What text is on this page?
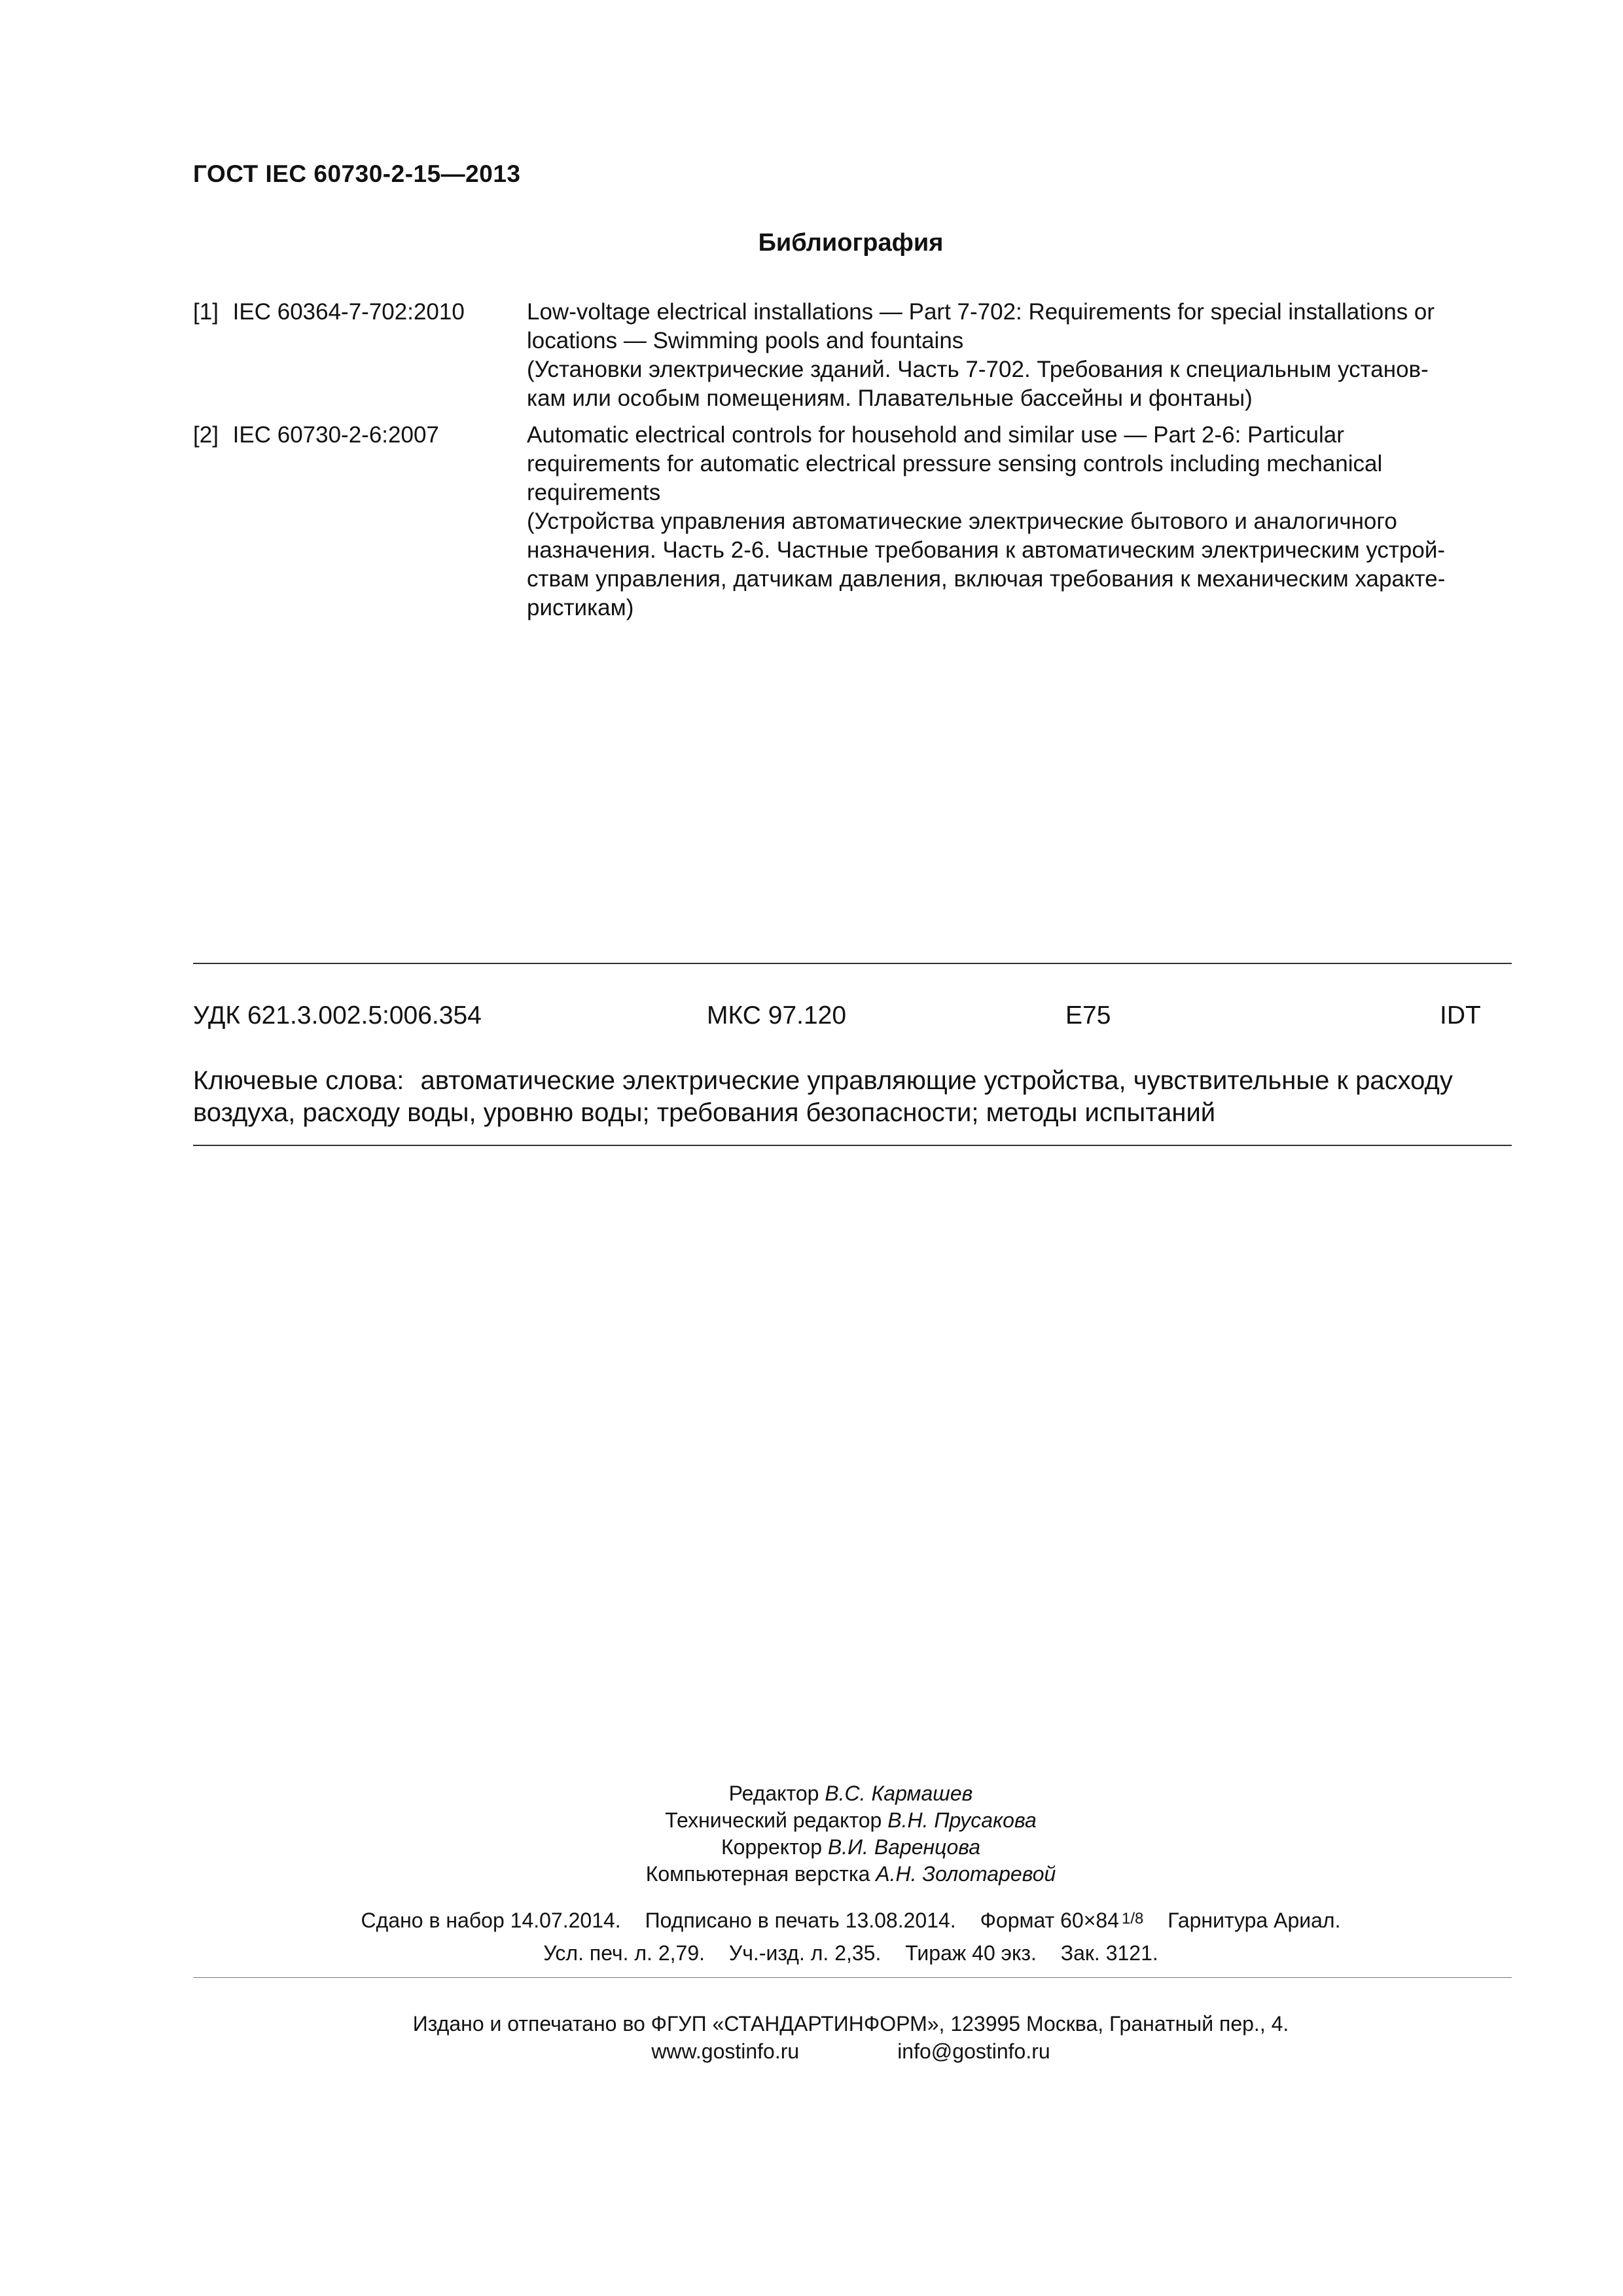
ГОСТ IEC 60730-2-15—2013
Библиография
[1] IEC 60364-7-702:2010	Low-voltage electrical installations — Part 7-702: Requirements for special installations or
locations — Swimming pools and fountains
(Установки электрические зданий. Часть 7-702. Требования к специальным установ-
кам или особым помещениям. Плавательные бассейны и фонтаны)
[2] IEC 60730-2-6:2007	Automatic electrical controls for household and similar use — Part 2-6: Particular
requirements for automatic electrical pressure sensing controls including mechanical
requirements
(Устройства управления автоматические электрические бытового и аналогичного
назначения. Часть 2-6. Частные требования к автоматическим электрическим устрой-
ствам управления, датчикам давления, включая требования к механическим характе-
ристикам)
УДК 621.3.002.5:006.354	МКС 97.120	E75	IDT
Ключевые слова: автоматические электрические управляющие устройства, чувствительные к расходу воздуха, расходу воды, уровню воды; требования безопасности; методы испытаний
Редактор В.С. Кармашев
Технический редактор В.Н. Прусакова
Корректор В.И. Варенцова
Компьютерная верстка А.Н. Золотаревой
Сдано в набор 14.07.2014. Подписано в печать 13.08.2014. Формат 60×84 1/8 Гарнитура Ариал.
Усл. печ. л. 2,79. Уч.-изд. л. 2,35. Тираж 40 экз. Зак. 3121.
Издано и отпечатано во ФГУП «СТАНДАРТИНФОРМ», 123995 Москва, Гранатный пер., 4.
www.gostinfo.ru	info@gostinfo.ru
